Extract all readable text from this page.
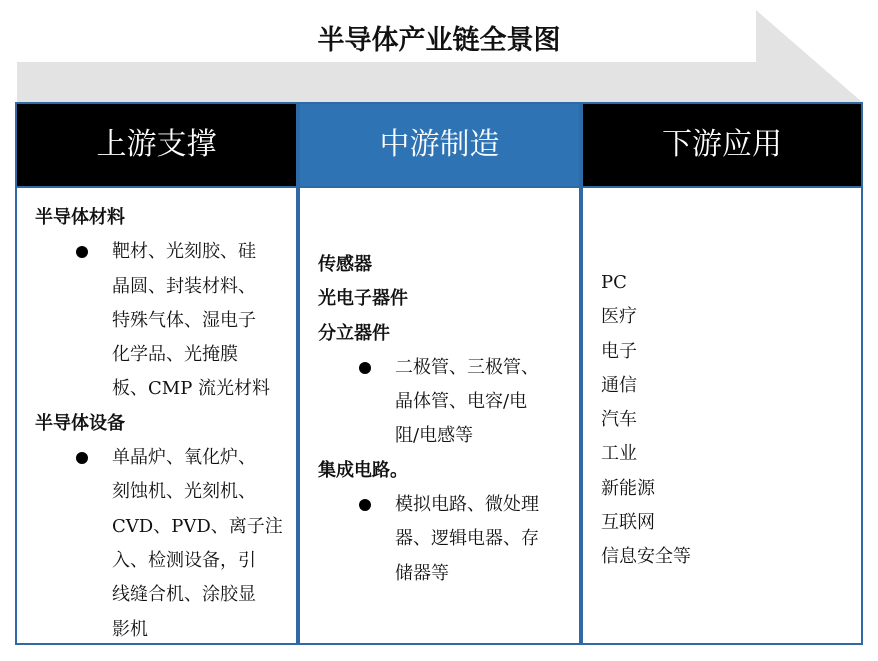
半导体产业链全景图
上游支撑
半导体材料
靶材、光刻胶、硅
晶圆、封装材料、
特殊气体、湿电子
化学品、光掩膜
板、CMP 流光材料
半导体设备
单晶炉、氧化炉、
刻蚀机、光刻机、
CVD、PVD、离子注
入、检测设备，引
线缝合机、涂胶显
影机
中游制造
传感器
光电子器件
分立器件
二极管、三极管、
晶体管、电容/电
阻/电感等
集成电路。
模拟电路、微处理
器、逻辑电器、存
储器等
下游应用
PC
医疗
电子
通信
汽车
工业
新能源
互联网
信息安全等
